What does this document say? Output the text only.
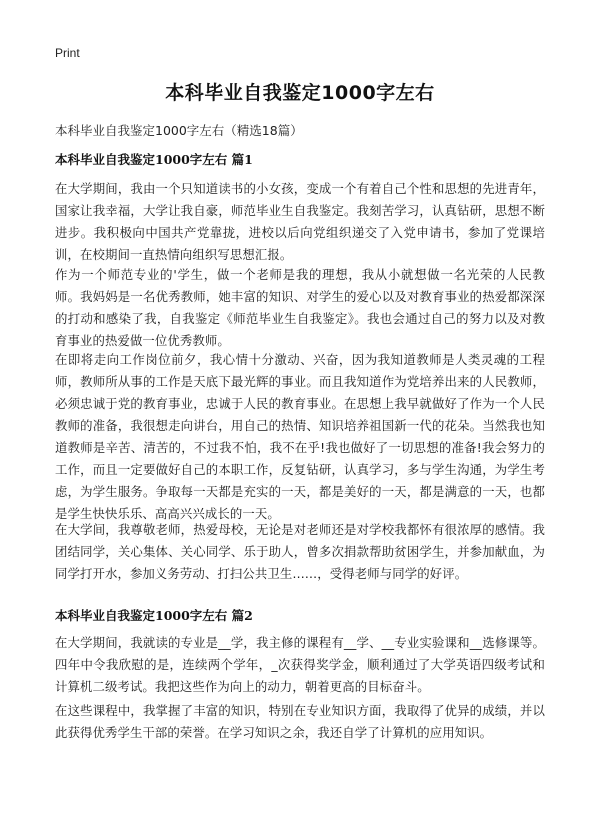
Print
本科毕业自我鉴定1000字左右
本科毕业自我鉴定1000字左右（精选18篇）
本科毕业自我鉴定1000字左右 篇1
在大学期间，我由一个只知道读书的小女孩，变成一个有着自己个性和思想的先进青年，国家让我幸福，大学让我自豪，师范毕业生自我鉴定。我刻苦学习，认真钻研，思想不断进步。我积极向中国共产党靠拢，进校以后向党组织递交了入党申请书，参加了党课培训，在校期间一直热情向组织写思想汇报。
作为一个师范专业的'学生，做一个老师是我的理想，我从小就想做一名光荣的人民教师。我妈妈是一名优秀教师，她丰富的知识、对学生的爱心以及对教育事业的热爱都深深的打动和感染了我，自我鉴定《师范毕业生自我鉴定》。我也会通过自己的努力以及对教育事业的热爱做一位优秀教师。
在即将走向工作岗位前夕，我心情十分激动、兴奋，因为我知道教师是人类灵魂的工程师，教师所从事的工作是天底下最光辉的事业。而且我知道作为党培养出来的人民教师，必须忠诚于党的教育事业，忠诚于人民的教育事业。在思想上我早就做好了作为一个人民教师的准备，我很想走向讲台，用自己的热情、知识培养祖国新一代的花朵。当然我也知道教师是辛苦、清苦的，不过我不怕，我不在乎!我也做好了一切思想的准备!我会努力的工作，而且一定要做好自己的本职工作，反复钻研，认真学习，多与学生沟通，为学生考虑，为学生服务。争取每一天都是充实的一天，都是美好的一天，都是满意的一天，也都是学生快快乐乐、高高兴兴成长的一天。
在大学间，我尊敬老师，热爱母校，无论是对老师还是对学校我都怀有很浓厚的感情。我团结同学，关心集体、关心同学、乐于助人，曾多次捐款帮助贫困学生，并参加献血，为同学打开水，参加义务劳动、打扫公共卫生……，受得老师与同学的好评。
本科毕业自我鉴定1000字左右 篇2
在大学期间，我就读的专业是__学，我主修的课程有__学、__专业实验课和__选修课等。四年中令我欣慰的是，连续两个学年，_次获得奖学金，顺利通过了大学英语四级考试和计算机二级考试。我把这些作为向上的动力，朝着更高的目标奋斗。
在这些课程中，我掌握了丰富的知识，特别在专业知识方面，我取得了优异的成绩，并以此获得优秀学生干部的荣誉。在学习知识之余，我还自学了计算机的应用知识。
